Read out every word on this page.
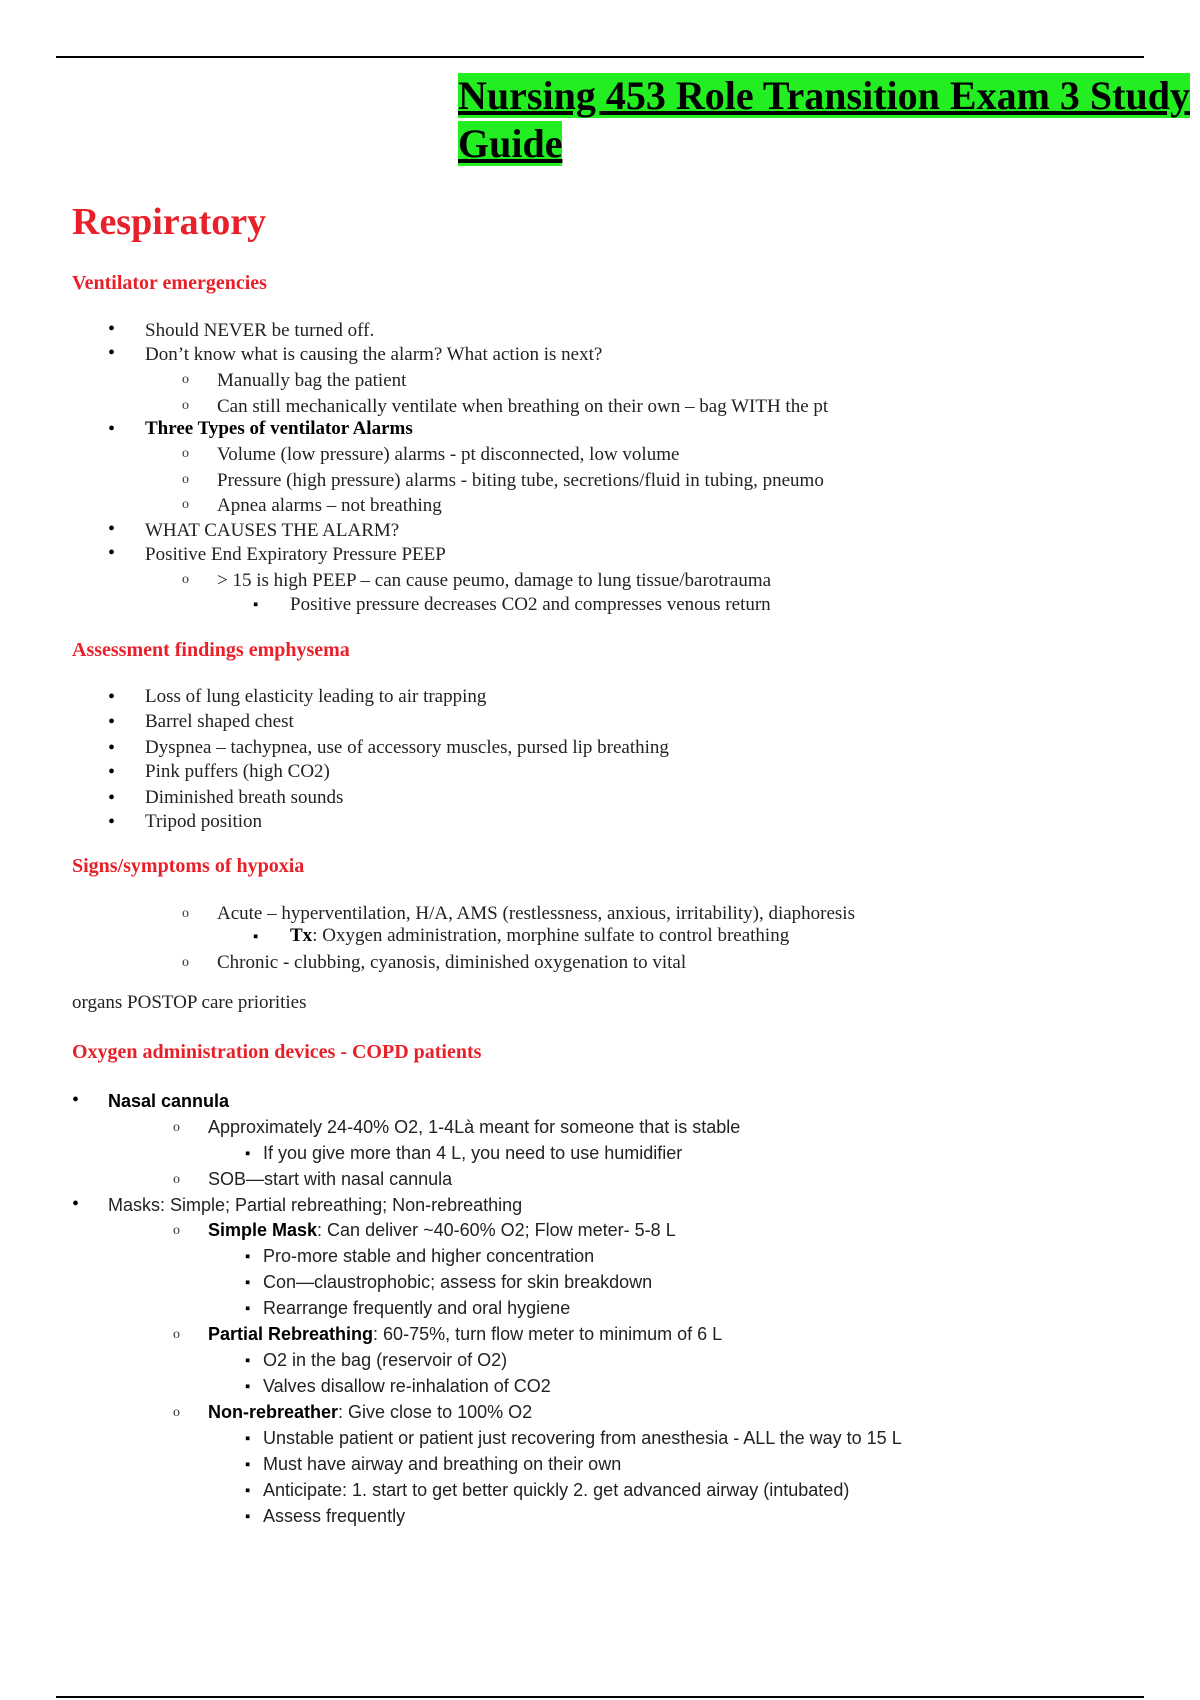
Nursing 453 Role Transition Exam 3 Study Guide
Respiratory
Ventilator emergencies
• Should NEVER be turned off.
• Don’t know what is causing the alarm? What action is next?
o Manually bag the patient
o Can still mechanically ventilate when breathing on their own – bag WITH the pt
• Three Types of ventilator Alarms
o Volume (low pressure) alarms - pt disconnected, low volume
o Pressure (high pressure) alarms - biting tube, secretions/fluid in tubing, pneumo
o Apnea alarms – not breathing
• WHAT CAUSES THE ALARM?
• Positive End Expiratory Pressure PEEP
o > 15 is high PEEP – can cause peumo, damage to lung tissue/barotrauma
▪ Positive pressure decreases CO2 and compresses venous return
Assessment findings emphysema
• Loss of lung elasticity leading to air trapping
• Barrel shaped chest
• Dyspnea – tachypnea, use of accessory muscles, pursed lip breathing
• Pink puffers (high CO2)
• Diminished breath sounds
• Tripod position
Signs/symptoms of hypoxia
o Acute – hyperventilation, H/A, AMS (restlessness, anxious, irritability), diaphoresis
▪ Tx: Oxygen administration, morphine sulfate to control breathing
o Chronic - clubbing, cyanosis, diminished oxygenation to vital
organs POSTOP care priorities
Oxygen administration devices - COPD patients
• Nasal cannula
o Approximately 24-40% O2, 1-4Là meant for someone that is stable
▪ If you give more than 4 L, you need to use humidifier
o SOB—start with nasal cannula
• Masks: Simple; Partial rebreathing; Non-rebreathing
o Simple Mask: Can deliver ~40-60% O2; Flow meter- 5-8 L
▪ Pro-more stable and higher concentration
▪ Con—claustrophobic; assess for skin breakdown
▪ Rearrange frequently and oral hygiene
o Partial Rebreathing: 60-75%, turn flow meter to minimum of 6 L
▪ O2 in the bag (reservoir of O2)
▪ Valves disallow re-inhalation of CO2
o Non-rebreather: Give close to 100% O2
▪ Unstable patient or patient just recovering from anesthesia - ALL the way to 15 L
▪ Must have airway and breathing on their own
▪ Anticipate: 1. start to get better quickly 2. get advanced airway (intubated)
▪ Assess frequently
